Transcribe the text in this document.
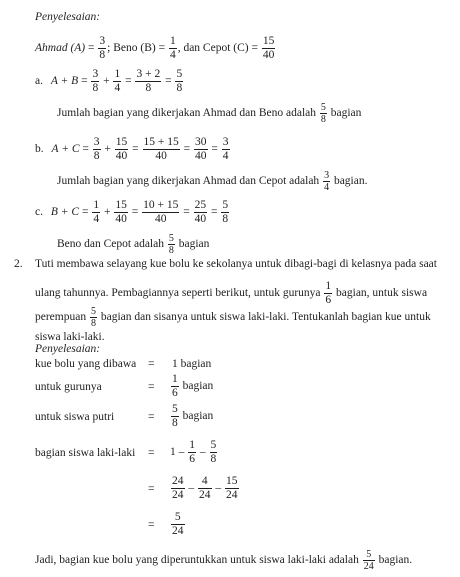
Penyelesaian:
Ahmad $(A) = \frac{3}{8}$ ; Beno $(B) = \frac{1}{4}$ , dan Cepot $(C) = \frac{15}{40}$
a. $A + B = \frac{3}{8} + \frac{1}{4} = \frac{3 + 2}{8} = \frac{5}{8}$
Jumlah bagian yang dikerjakan Ahmad dan Beno adalah $\frac{5}{8}$ bagian
b. $A + C = \frac{3}{8} + \frac{15}{40} = \frac{15 + 15}{40} = \frac{30}{40} = \frac{3}{4}$
Jumlah bagian yang dikerjakan Ahmad dan Cepot adalah $\frac{3}{4}$ bagian.
c. $B + C = \frac{1}{4} + \frac{15}{40} = \frac{10 + 15}{40} = \frac{25}{40} = \frac{5}{8}$
Beno dan Cepot adalah $\frac{5}{8}$ bagian
2. Tuti membawa selayang kue bolu ke sekolanya untuk dibagi-bagi di kelasnya pada saat
ulang tahunnya. Pembagiannya seperti berikut, untuk gurunya $\frac{1}{6}$ bagian, untuk siswa
perempuan $\frac{5}{8}$ bagian dan sisanya untuk siswa laki-laki. Tentukanlah bagian kue untuk
siswa laki-laki.
Penyelesaian:
kue bolu yang dibawa = 1 bagian
untuk gurunya	= $\frac{1}{6}$ bagian
untuk siswa putri	= $\frac{5}{8}$ bagian
bagian siswa laki-laki = $1 - \frac{1}{6} - \frac{5}{8}$
= $\frac{24}{24} - \frac{4}{24} - \frac{15}{24}$
= $\frac{5}{24}$
Jadi, bagian kue bolu yang diperuntukkan untuk siswa laki-laki adalah $\frac{5}{24}$ bagian.
